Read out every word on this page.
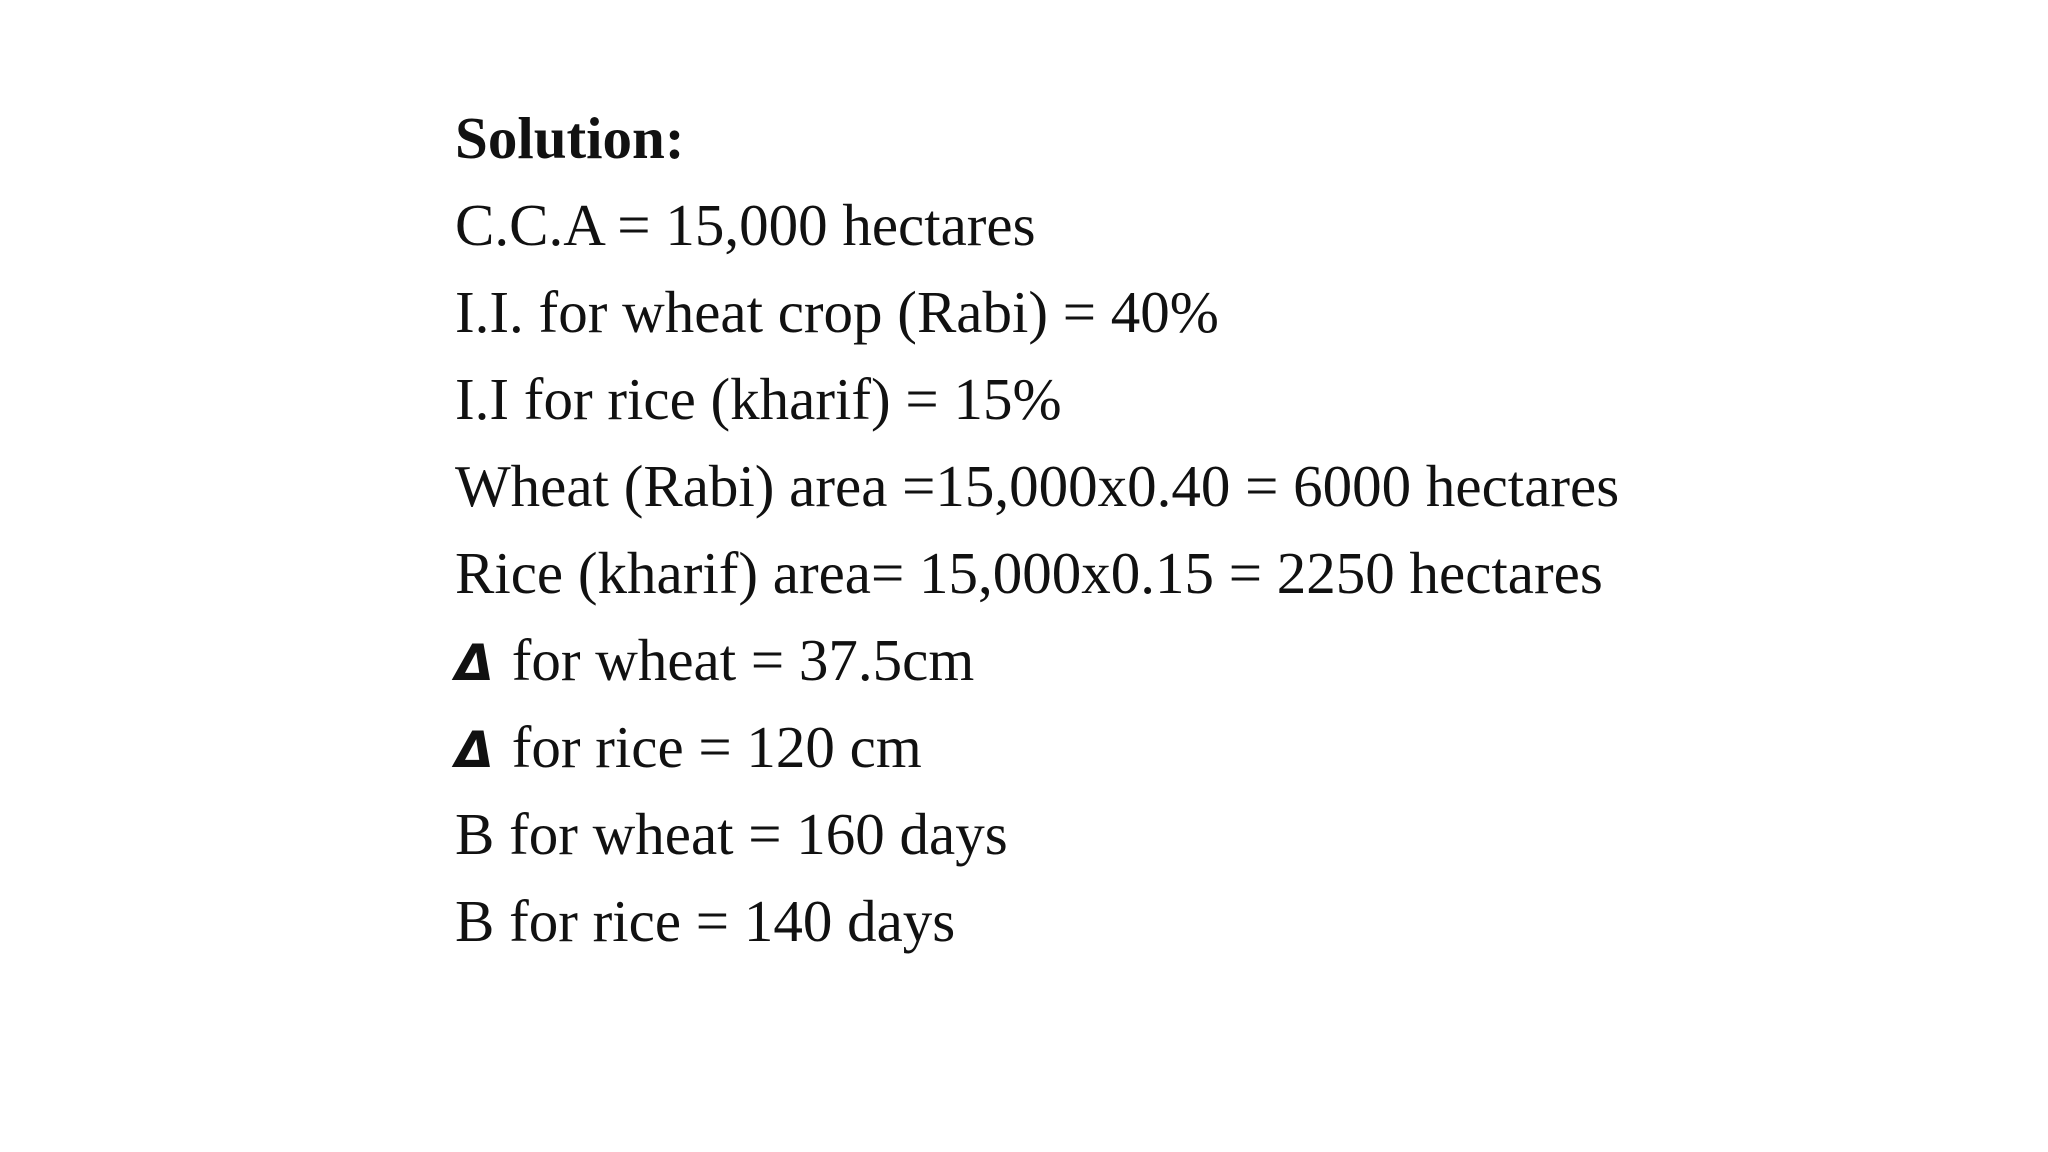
Solution:
C.C.A = 15,000 hectares
I.I. for wheat crop (Rabi) = 40%
I.I for rice (kharif) = 15%
Wheat (Rabi) area =15,000x0.40 = 6000 hectares
Rice (kharif) area= 15,000x0.15 = 2250 hectares
Δ for wheat = 37.5cm
Δ for rice = 120 cm
B for wheat = 160 days
B for rice = 140 days
